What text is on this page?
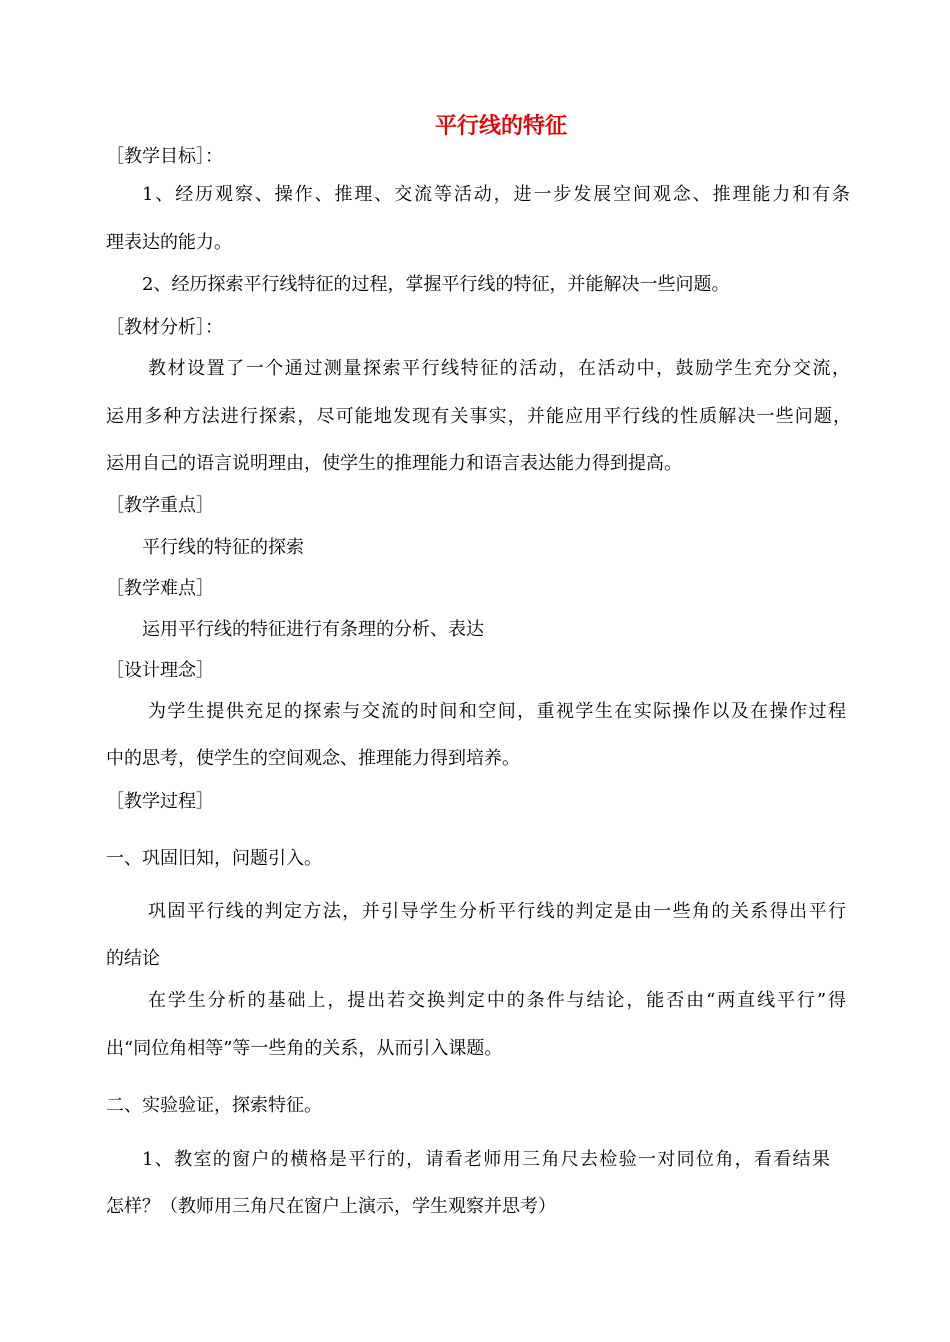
平行线的特征
［教学目标］：
1、经历观察、操作、推理、交流等活动，进一步发展空间观念、推理能力和有条
理表达的能力。
2、经历探索平行线特征的过程，掌握平行线的特征，并能解决一些问题。
［教材分析］：
教材设置了一个通过测量探索平行线特征的活动，在活动中，鼓励学生充分交流，
运用多种方法进行探索，尽可能地发现有关事实，并能应用平行线的性质解决一些问题，
运用自己的语言说明理由，使学生的推理能力和语言表达能力得到提高。
［教学重点］
平行线的特征的探索
［教学难点］
运用平行线的特征进行有条理的分析、表达
［设计理念］
为学生提供充足的探索与交流的时间和空间，重视学生在实际操作以及在操作过程
中的思考，使学生的空间观念、推理能力得到培养。
［教学过程］
一、巩固旧知，问题引入。
巩固平行线的判定方法，并引导学生分析平行线的判定是由一些角的关系得出平行
的结论
在学生分析的基础上，提出若交换判定中的条件与结论，能否由“两直线平行”得
出“同位角相等”等一些角的关系，从而引入课题。
二、实验验证，探索特征。
1、教室的窗户的横格是平行的，请看老师用三角尺去检验一对同位角，看看结果
怎样？（教师用三角尺在窗户上演示，学生观察并思考）
